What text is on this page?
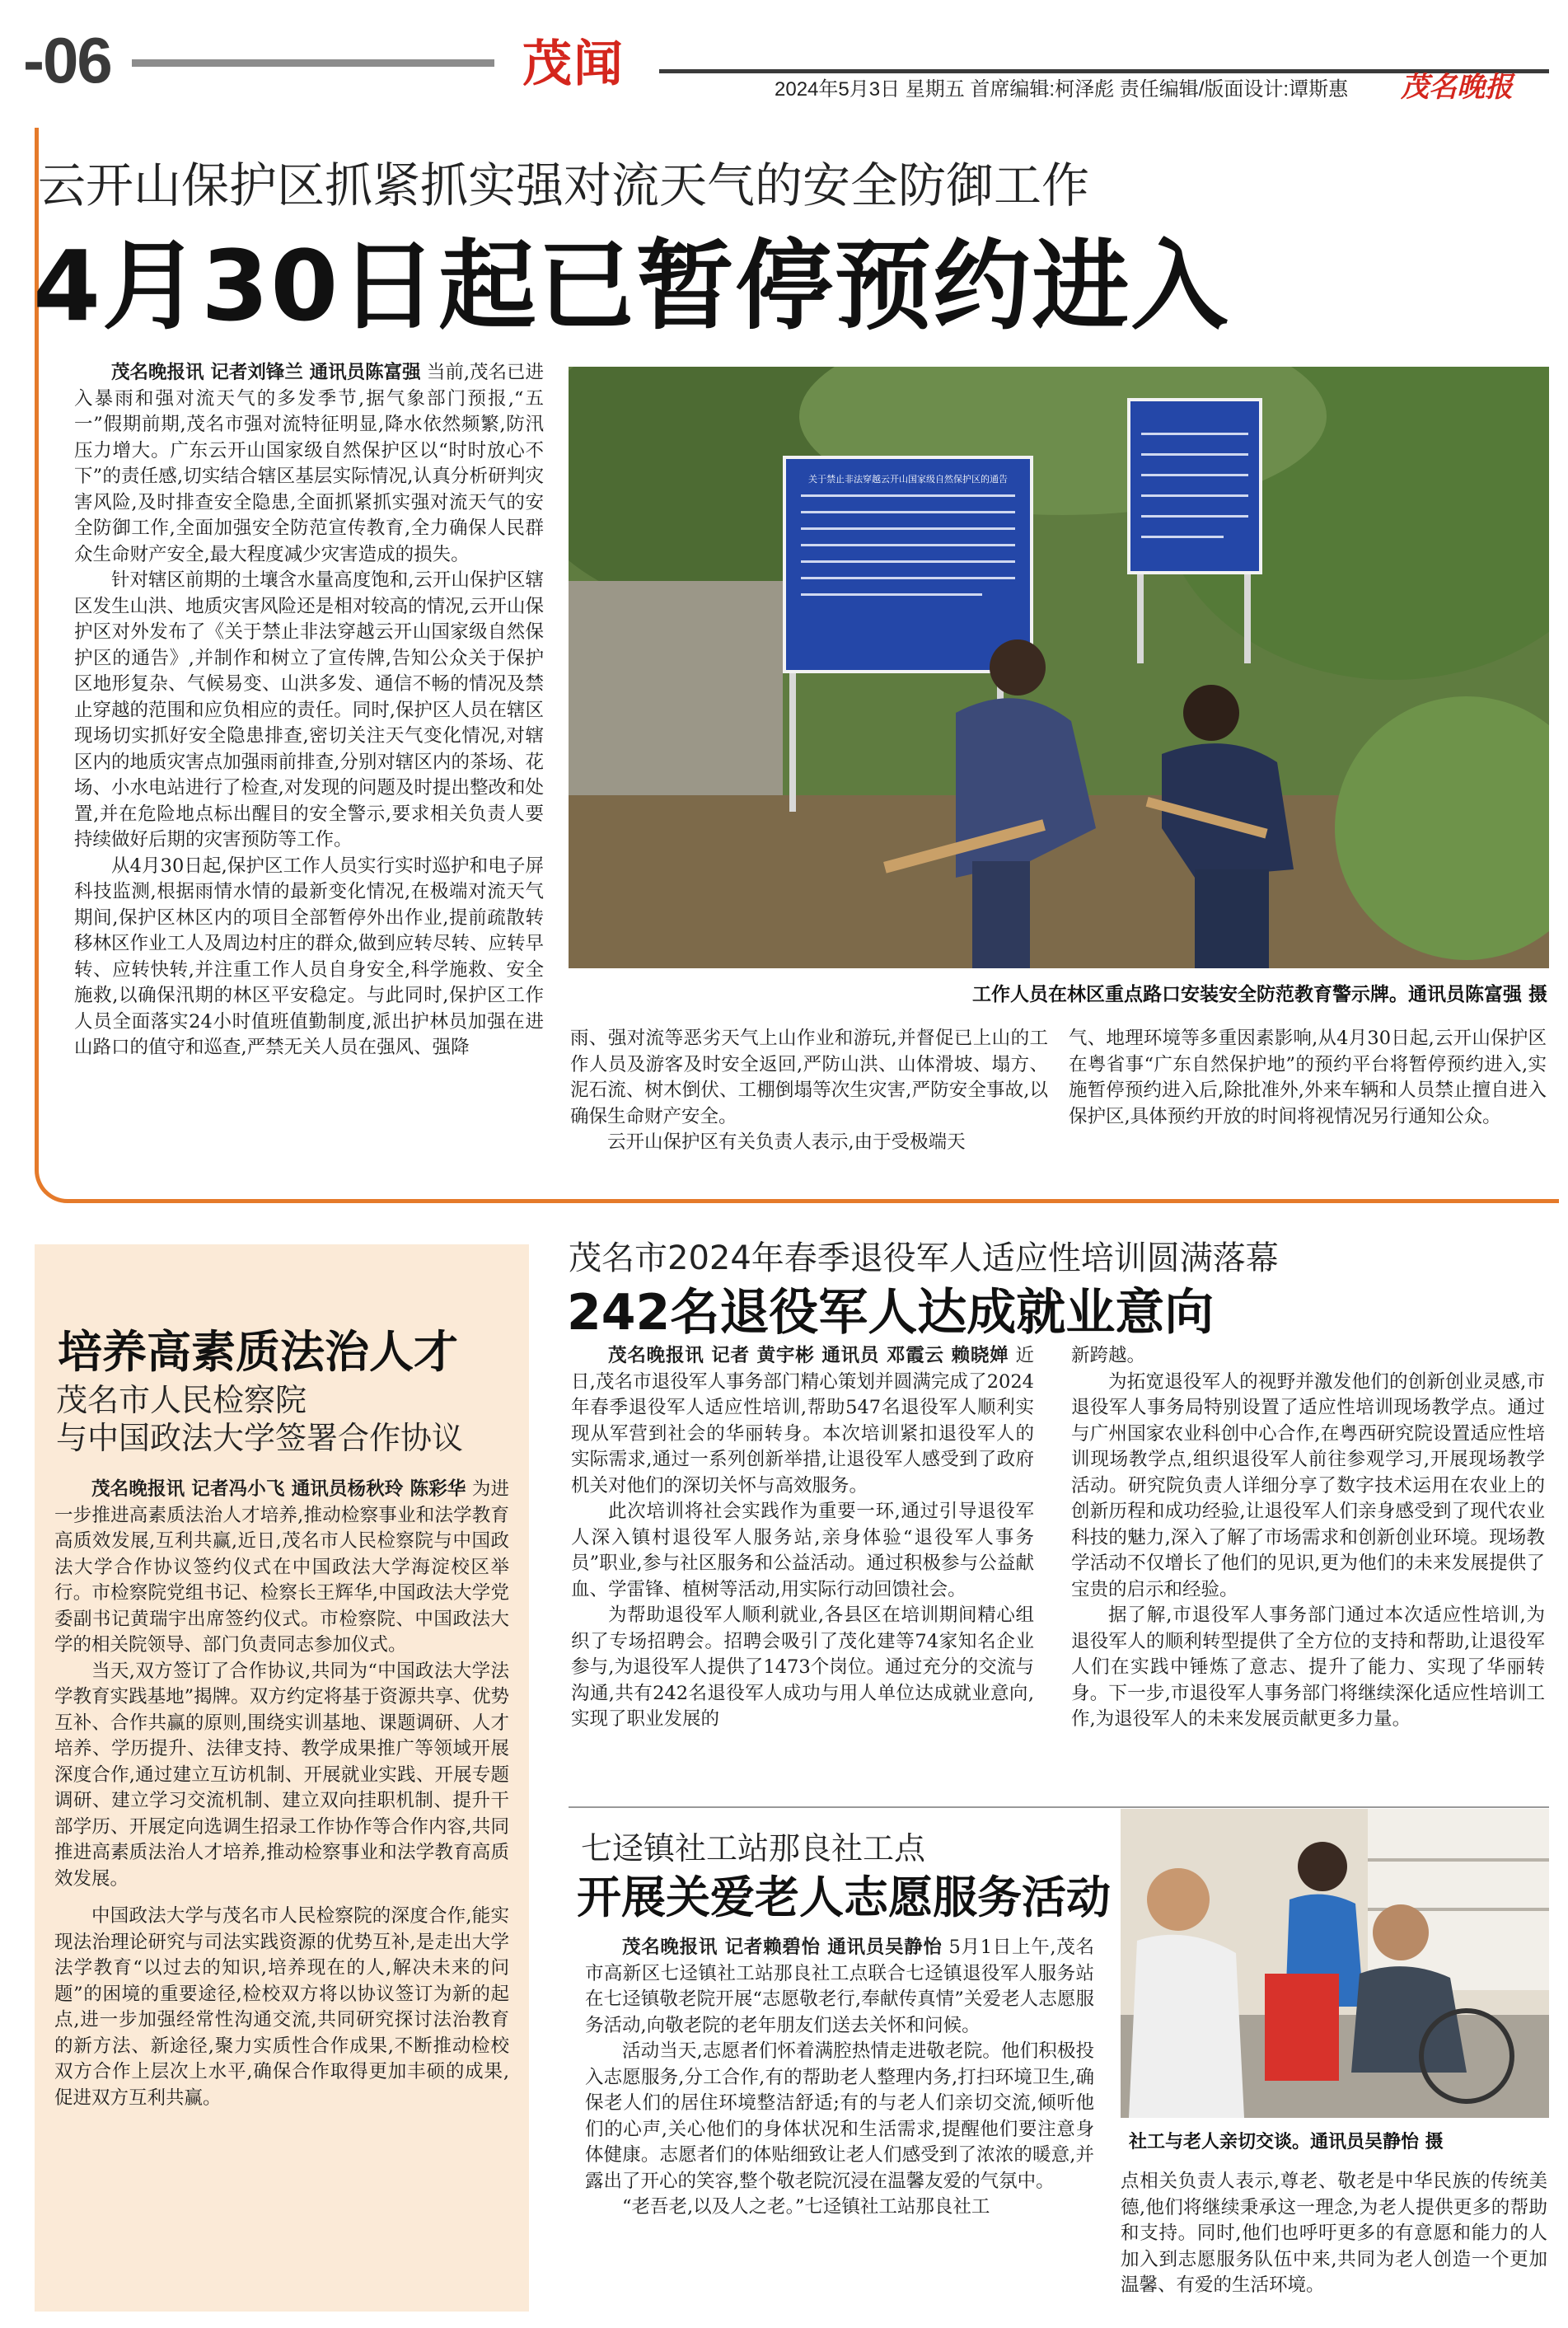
-06	茂闻	2024年5月3日 星期五 首席编辑:柯泽彪 责任编辑/版面设计:谭斯惠 茂名晚报
云开山保护区抓紧抓实强对流天气的安全防御工作
4月30日起已暂停预约进入

茂名晚报讯 记者刘锋兰 通讯员陈富强 当前,茂名已进入暴雨和强对流天气的多发季节,据气象部门预报,“五一”假期前期,茂名市强对流特征明显,降水依然频繁,防汛压力增大。广东云开山国家级自然保护区以“时时放心不下”的责任感,切实结合辖区基层实际情况,认真分析研判灾害风险,及时排查安全隐患,全面抓紧抓实强对流天气的安全防御工作,全面加强安全防范宣传教育,全力确保人民群众生命财产安全,最大程度减少灾害造成的损失。

针对辖区前期的土壤含水量高度饱和,云开山保护区辖区发生山洪、地质灾害风险还是相对较高的情况,云开山保护区对外发布了《关于禁止非法穿越云开山国家级自然保护区的通告》,并制作和树立了宣传牌,告知公众关于保护区地形复杂、气候易变、山洪多发、通信不畅的情况及禁止穿越的范围和应负相应的责任。同时,保护区人员在辖区现场切实抓好安全隐患排查,密切关注天气变化情况,对辖区内的地质灾害点加强雨前排查,分别对辖区内的茶场、花场、小水电站进行了检查,对发现的问题及时提出整改和处置,并在危险地点标出醒目的安全警示,要求相关负责人要持续做好后期的灾害预防等工作。

从4月30日起,保护区工作人员实行实时巡护和电子屏科技监测,根据雨情水情的最新变化情况,在极端对流天气期间,保护区林区内的项目全部暂停外出作业,提前疏散转移林区作业工人及周边村庄的群众,做到应转尽转、应转早转、应转快转,并注重工作人员自身安全,科学施救、安全施救,以确保汛期的林区平安稳定。与此同时,保护区工作人员全面落实24小时值班值勤制度,派出护林员加强在进山路口的值守和巡查,严禁无关人员在强风、强降

关于禁止非法穿越云开山国家级自然保护区的通告
工作人员在林区重点路口安装安全防范教育警示牌。通讯员陈富强 摄

雨、强对流等恶劣天气上山作业和游玩,并督促已上山的工作人员及游客及时安全返回,严防山洪、山体滑坡、塌方、泥石流、树木倒伏、工棚倒塌等次生灾害,严防安全事故,以确保生命财产安全。

云开山保护区有关负责人表示,由于受极端天

气、地理环境等多重因素影响,从4月30日起,云开山保护区在粤省事“广东自然保护地”的预约平台将暂停预约进入,实施暂停预约进入后,除批准外,外来车辆和人员禁止擅自进入保护区,具体预约开放的时间将视情况另行通知公众。

培养高素质法治人才
茂名市人民检察院
与中国政法大学签署合作协议

茂名晚报讯 记者冯小飞 通讯员杨秋玲 陈彩华 为进一步推进高素质法治人才培养,推动检察事业和法学教育高质效发展,互利共赢,近日,茂名市人民检察院与中国政法大学合作协议签约仪式在中国政法大学海淀校区举行。市检察院党组书记、检察长王辉华,中国政法大学党委副书记黄瑞宇出席签约仪式。市检察院、中国政法大学的相关院领导、部门负责同志参加仪式。

当天,双方签订了合作协议,共同为“中国政法大学法学教育实践基地”揭牌。双方约定将基于资源共享、优势互补、合作共赢的原则,围绕实训基地、课题调研、人才培养、学历提升、法律支持、教学成果推广等领域开展深度合作,通过建立互访机制、开展就业实践、开展专题调研、建立学习交流机制、建立双向挂职机制、提升干部学历、开展定向选调生招录工作协作等合作内容,共同推进高素质法治人才培养,推动检察事业和法学教育高质效发展。

中国政法大学与茂名市人民检察院的深度合作,能实现法治理论研究与司法实践资源的优势互补,是走出大学法学教育“以过去的知识,培养现在的人,解决未来的问题”的困境的重要途径,检校双方将以协议签订为新的起点,进一步加强经常性沟通交流,共同研究探讨法治教育的新方法、新途径,聚力实质性合作成果,不断推动检校双方合作上层次上水平,确保合作取得更加丰硕的成果,促进双方互利共赢。

茂名市2024年春季退役军人适应性培训圆满落幕
242名退役军人达成就业意向

茂名晚报讯 记者 黄宇彬 通讯员 邓霞云 赖晓婵 近日,茂名市退役军人事务部门精心策划并圆满完成了2024年春季退役军人适应性培训,帮助547名退役军人顺利实现从军营到社会的华丽转身。本次培训紧扣退役军人的实际需求,通过一系列创新举措,让退役军人感受到了政府机关对他们的深切关怀与高效服务。

此次培训将社会实践作为重要一环,通过引导退役军人深入镇村退役军人服务站,亲身体验“退役军人事务员”职业,参与社区服务和公益活动。通过积极参与公益献血、学雷锋、植树等活动,用实际行动回馈社会。

为帮助退役军人顺利就业,各县区在培训期间精心组织了专场招聘会。招聘会吸引了茂化建等74家知名企业参与,为退役军人提供了1473个岗位。通过充分的交流与沟通,共有242名退役军人成功与用人单位达成就业意向,实现了职业发展的

新跨越。

为拓宽退役军人的视野并激发他们的创新创业灵感,市退役军人事务局特别设置了适应性培训现场教学点。通过与广州国家农业科创中心合作,在粤西研究院设置适应性培训现场教学点,组织退役军人前往参观学习,开展现场教学活动。研究院负责人详细分享了数字技术运用在农业上的创新历程和成功经验,让退役军人们亲身感受到了现代农业科技的魅力,深入了解了市场需求和创新创业环境。现场教学活动不仅增长了他们的见识,更为他们的未来发展提供了宝贵的启示和经验。

据了解,市退役军人事务部门通过本次适应性培训,为退役军人的顺利转型提供了全方位的支持和帮助,让退役军人们在实践中锤炼了意志、提升了能力、实现了华丽转身。下一步,市退役军人事务部门将继续深化适应性培训工作,为退役军人的未来发展贡献更多力量。

七迳镇社工站那良社工点
开展关爱老人志愿服务活动

茂名晚报讯 记者赖碧怡 通讯员吴静怡 5月1日上午,茂名市高新区七迳镇社工站那良社工点联合七迳镇退役军人服务站在七迳镇敬老院开展“志愿敬老行,奉献传真情”关爱老人志愿服务活动,向敬老院的老年朋友们送去关怀和问候。

活动当天,志愿者们怀着满腔热情走进敬老院。他们积极投入志愿服务,分工合作,有的帮助老人整理内务,打扫环境卫生,确保老人们的居住环境整洁舒适;有的与老人们亲切交流,倾听他们的心声,关心他们的身体状况和生活需求,提醒他们要注意身体健康。志愿者们的体贴细致让老人们感受到了浓浓的暖意,并露出了开心的笑容,整个敬老院沉浸在温馨友爱的气氛中。

“老吾老,以及人之老。”七迳镇社工站那良社工

社工与老人亲切交谈。通讯员吴静怡 摄

点相关负责人表示,尊老、敬老是中华民族的传统美德,他们将继续秉承这一理念,为老人提供更多的帮助和支持。同时,他们也呼吁更多的有意愿和能力的人加入到志愿服务队伍中来,共同为老人创造一个更加温馨、有爱的生活环境。
